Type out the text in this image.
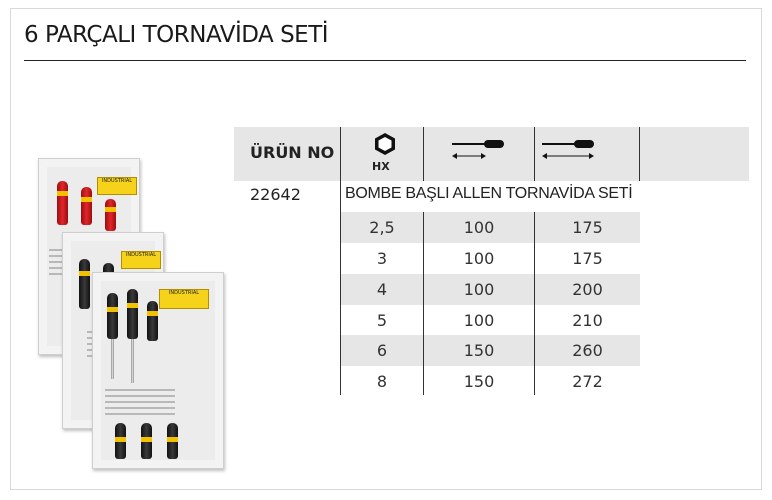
6 PARÇALI TORNAVİDA SETİ
INDUSTRIAL
INDUSTRIAL
INDUSTRIAL
ÜRÜN NO
HX
22642	BOMBE BAŞLI ALLEN TORNAVİDA SETİ
2,5	100	175
3	100	175
4	100	200
5	100	210
6	150	260
8	150	272
